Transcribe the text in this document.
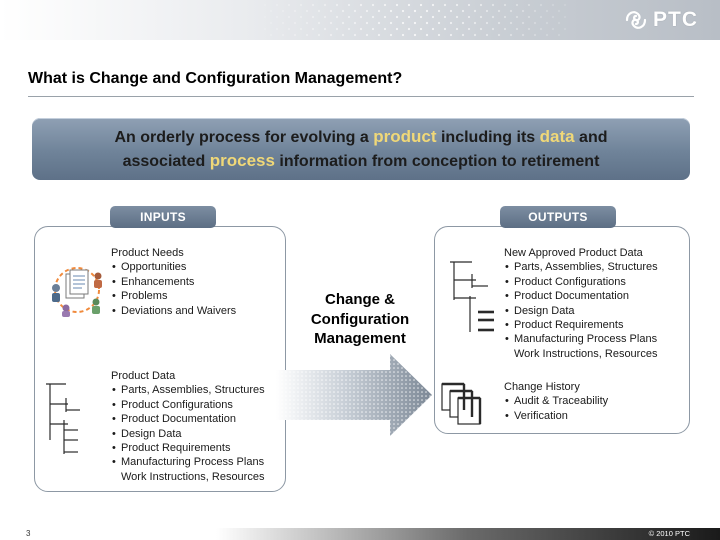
PTC
What is Change and Configuration Management?
An orderly process for evolving a product including its data and
associated process information from conception to retirement
INPUTS	OUTPUTS
Product Needs
• Opportunities
• Enhancements
• Problems
• Deviations and Waivers
Product Data
• Parts, Assemblies, Structures
• Product Configurations
• Product Documentation
• Design Data
• Product Requirements
• Manufacturing Process Plans
Work Instructions, Resources
Change &
Configuration
Management
New Approved Product Data
• Parts, Assemblies, Structures
• Product Configurations
• Product Documentation
• Design Data
• Product Requirements
• Manufacturing Process Plans
Work Instructions, Resources
Change History
• Audit & Traceability
• Verification
3	© 2010 PTC
